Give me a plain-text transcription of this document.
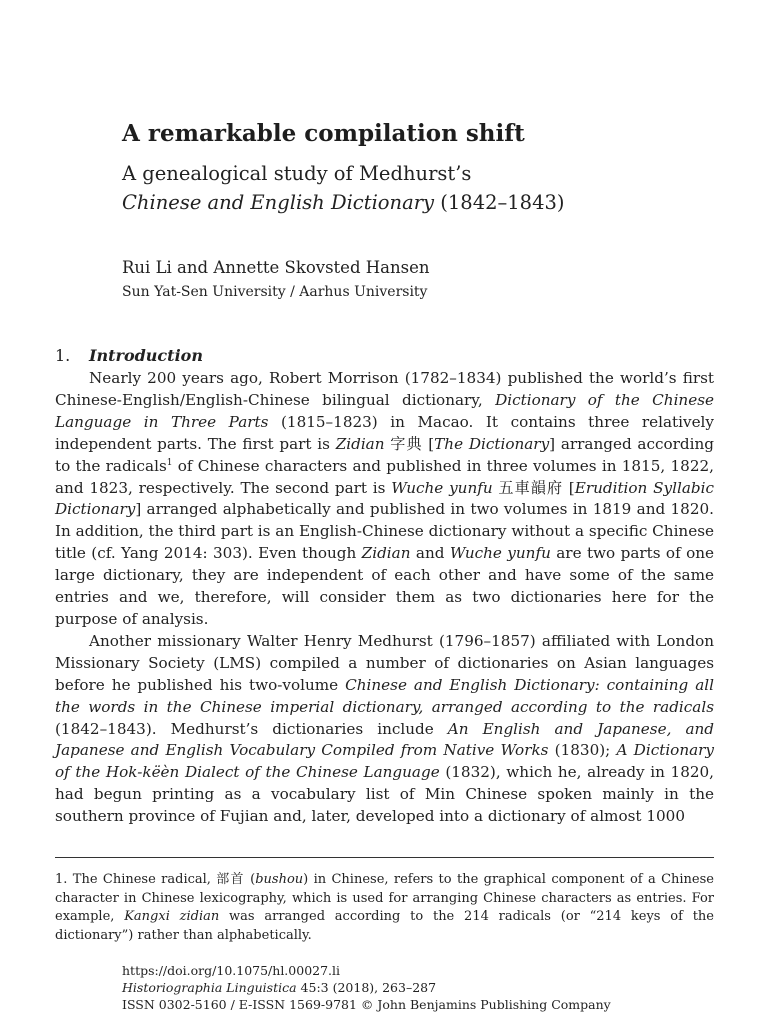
A remarkable compilation shift
A genealogical study of Medhurst’s
Chinese and English Dictionary (1842–1843)
Rui Li and Annette Skovsted Hansen
Sun Yat-Sen University / Aarhus University
1. Introduction

Nearly 200 years ago, Robert Morrison (1782–1834) published the world’s first Chinese-English/English-Chinese bilingual dictionary, Dictionary of the Chinese Language in Three Parts (1815–1823) in Macao. It contains three relatively independent parts. The first part is Zidian 字典 [The Dictionary] arranged according to the radicals$^1$ of Chinese characters and published in three volumes in 1815, 1822, and 1823, respectively. The second part is Wuche yunfu 五車韻府 [Erudition Syllabic Dictionary] arranged alphabetically and published in two volumes in 1819 and 1820. In addition, the third part is an English-Chinese dictionary without a specific Chinese title (cf. Yang 2014: 303). Even though Zidian and Wuche yunfu are two parts of one large dictionary, they are independent of each other and have some of the same entries and we, therefore, will consider them as two dictionaries here for the purpose of analysis.

Another missionary Walter Henry Medhurst (1796–1857) affiliated with London Missionary Society (LMS) compiled a number of dictionaries on Asian languages before he published his two-volume Chinese and English Dictionary: containing all the words in the Chinese imperial dictionary, arranged according to the radicals (1842–1843). Medhurst’s dictionaries include An English and Japanese, and Japanese and English Vocabulary Compiled from Native Works (1830); A Dictionary of the Hok-këèn Dialect of the Chinese Language (1832), which he, already in 1820, had begun printing as a vocabulary list of Min Chinese spoken mainly in the southern province of Fujian and, later, developed into a dictionary of almost 1000

1. The Chinese radical, 部首 (bushou) in Chinese, refers to the graphical component of a Chinese character in Chinese lexicography, which is used for arranging Chinese characters as entries. For example, Kangxi zidian was arranged according to the 214 radicals (or “214 keys of the dictionary”) rather than alphabetically.
https://doi.org/10.1075/hl.00027.li
Historiographia Linguistica 45:3 (2018), 263–287
ISSN 0302-5160 / E-ISSN 1569-9781 © John Benjamins Publishing Company
